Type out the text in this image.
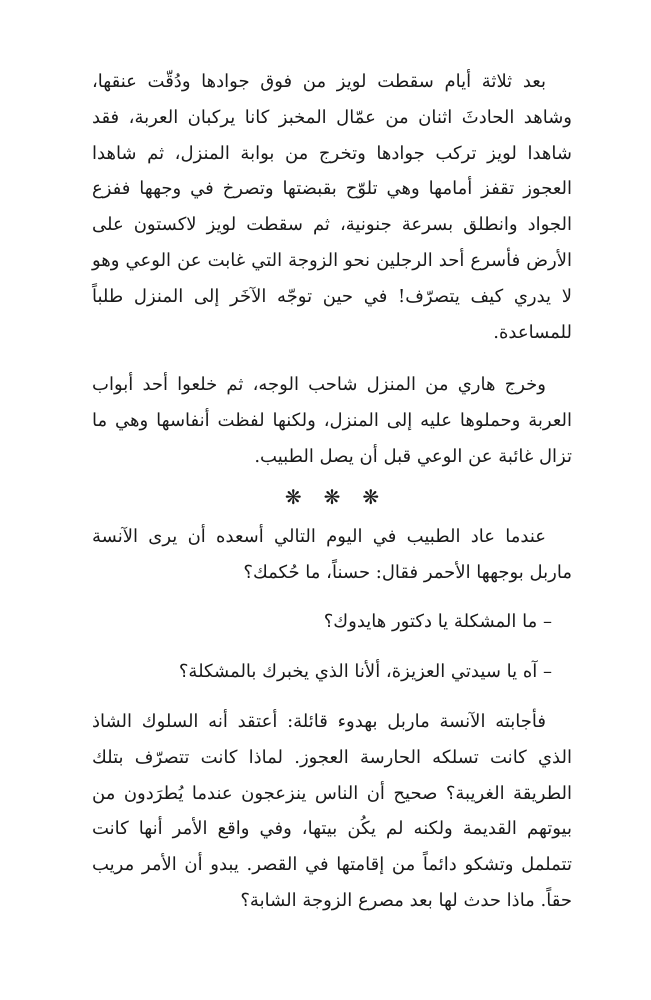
بعد ثلاثة أيام سقطت لويز من فوق جوادها ودُقّت عنقها، وشاهد الحادثَ اثنان من عمّال المخبز كانا يركبان العربة، فقد شاهدا لويز تركب جوادها وتخرج من بوابة المنزل، ثم شاهدا العجوز تقفز أمامها وهي تلوّح بقبضتها وتصرخ في وجهها ففزع الجواد وانطلق بسرعة جنونية، ثم سقطت لويز لاكستون على الأرض فأسرع أحد الرجلين نحو الزوجة التي غابت عن الوعي وهو لا يدري كيف يتصرّف! في حين توجّه الآخَر إلى المنزل طلباً للمساعدة.

وخرج هاري من المنزل شاحب الوجه، ثم خلعوا أحد أبواب العربة وحملوها عليه إلى المنزل، ولكنها لفظت أنفاسها وهي ما تزال غائبة عن الوعي قبل أن يصل الطبيب.

❋❋❋

عندما عاد الطبيب في اليوم التالي أسعده أن يرى الآنسة ماربل بوجهها الأحمر فقال: حسناً، ما حُكمك؟

– ما المشكلة يا دكتور هايدوك؟

– آه يا سيدتي العزيزة، ألأنا الذي يخبرك بالمشكلة؟

فأجابته الآنسة ماربل بهدوء قائلة: أعتقد أنه السلوك الشاذ الذي كانت تسلكه الحارسة العجوز. لماذا كانت تتصرّف بتلك الطريقة الغريبة؟ صحيح أن الناس ينزعجون عندما يُطرَدون من بيوتهم القديمة ولكنه لم يكُن بيتها، وفي واقع الأمر أنها كانت تتململ وتشكو دائماً من إقامتها في القصر. يبدو أن الأمر مريب حقاً. ماذا حدث لها بعد مصرع الزوجة الشابة؟
